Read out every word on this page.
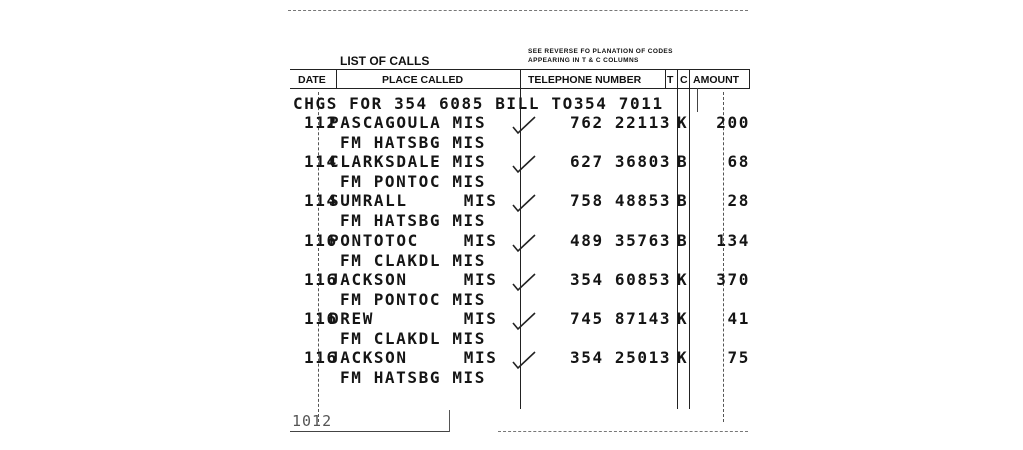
LIST OF CALLS
SEE REVERSE FO PLANATION OF CODES
APPEARING IN T & C COLUMNS
DATE	PLACE CALLED	TELEPHONE NUMBER T C AMOUNT
CHGS FOR 354 6085 BILL TO354 7011
112
PASCAGOULA MIS
FM HATSBG MIS
762 22113 K 200
114
CLARKSDALE MIS
FM PONTOC MIS
627 36803 B 68
114
SUMRALL     MIS
FM HATSBG MIS
758 48853 B 28
116
PONTOTOC    MIS
FM CLAKDL MIS
489 35763 B 134
116
JACKSON     MIS
FM PONTOC MIS
354 60853 K 370
116
DREW        MIS
FM CLAKDL MIS
745 87143 K 41
116
JACKSON     MIS
FM HATSBG MIS
354 25013 K 75
1012
